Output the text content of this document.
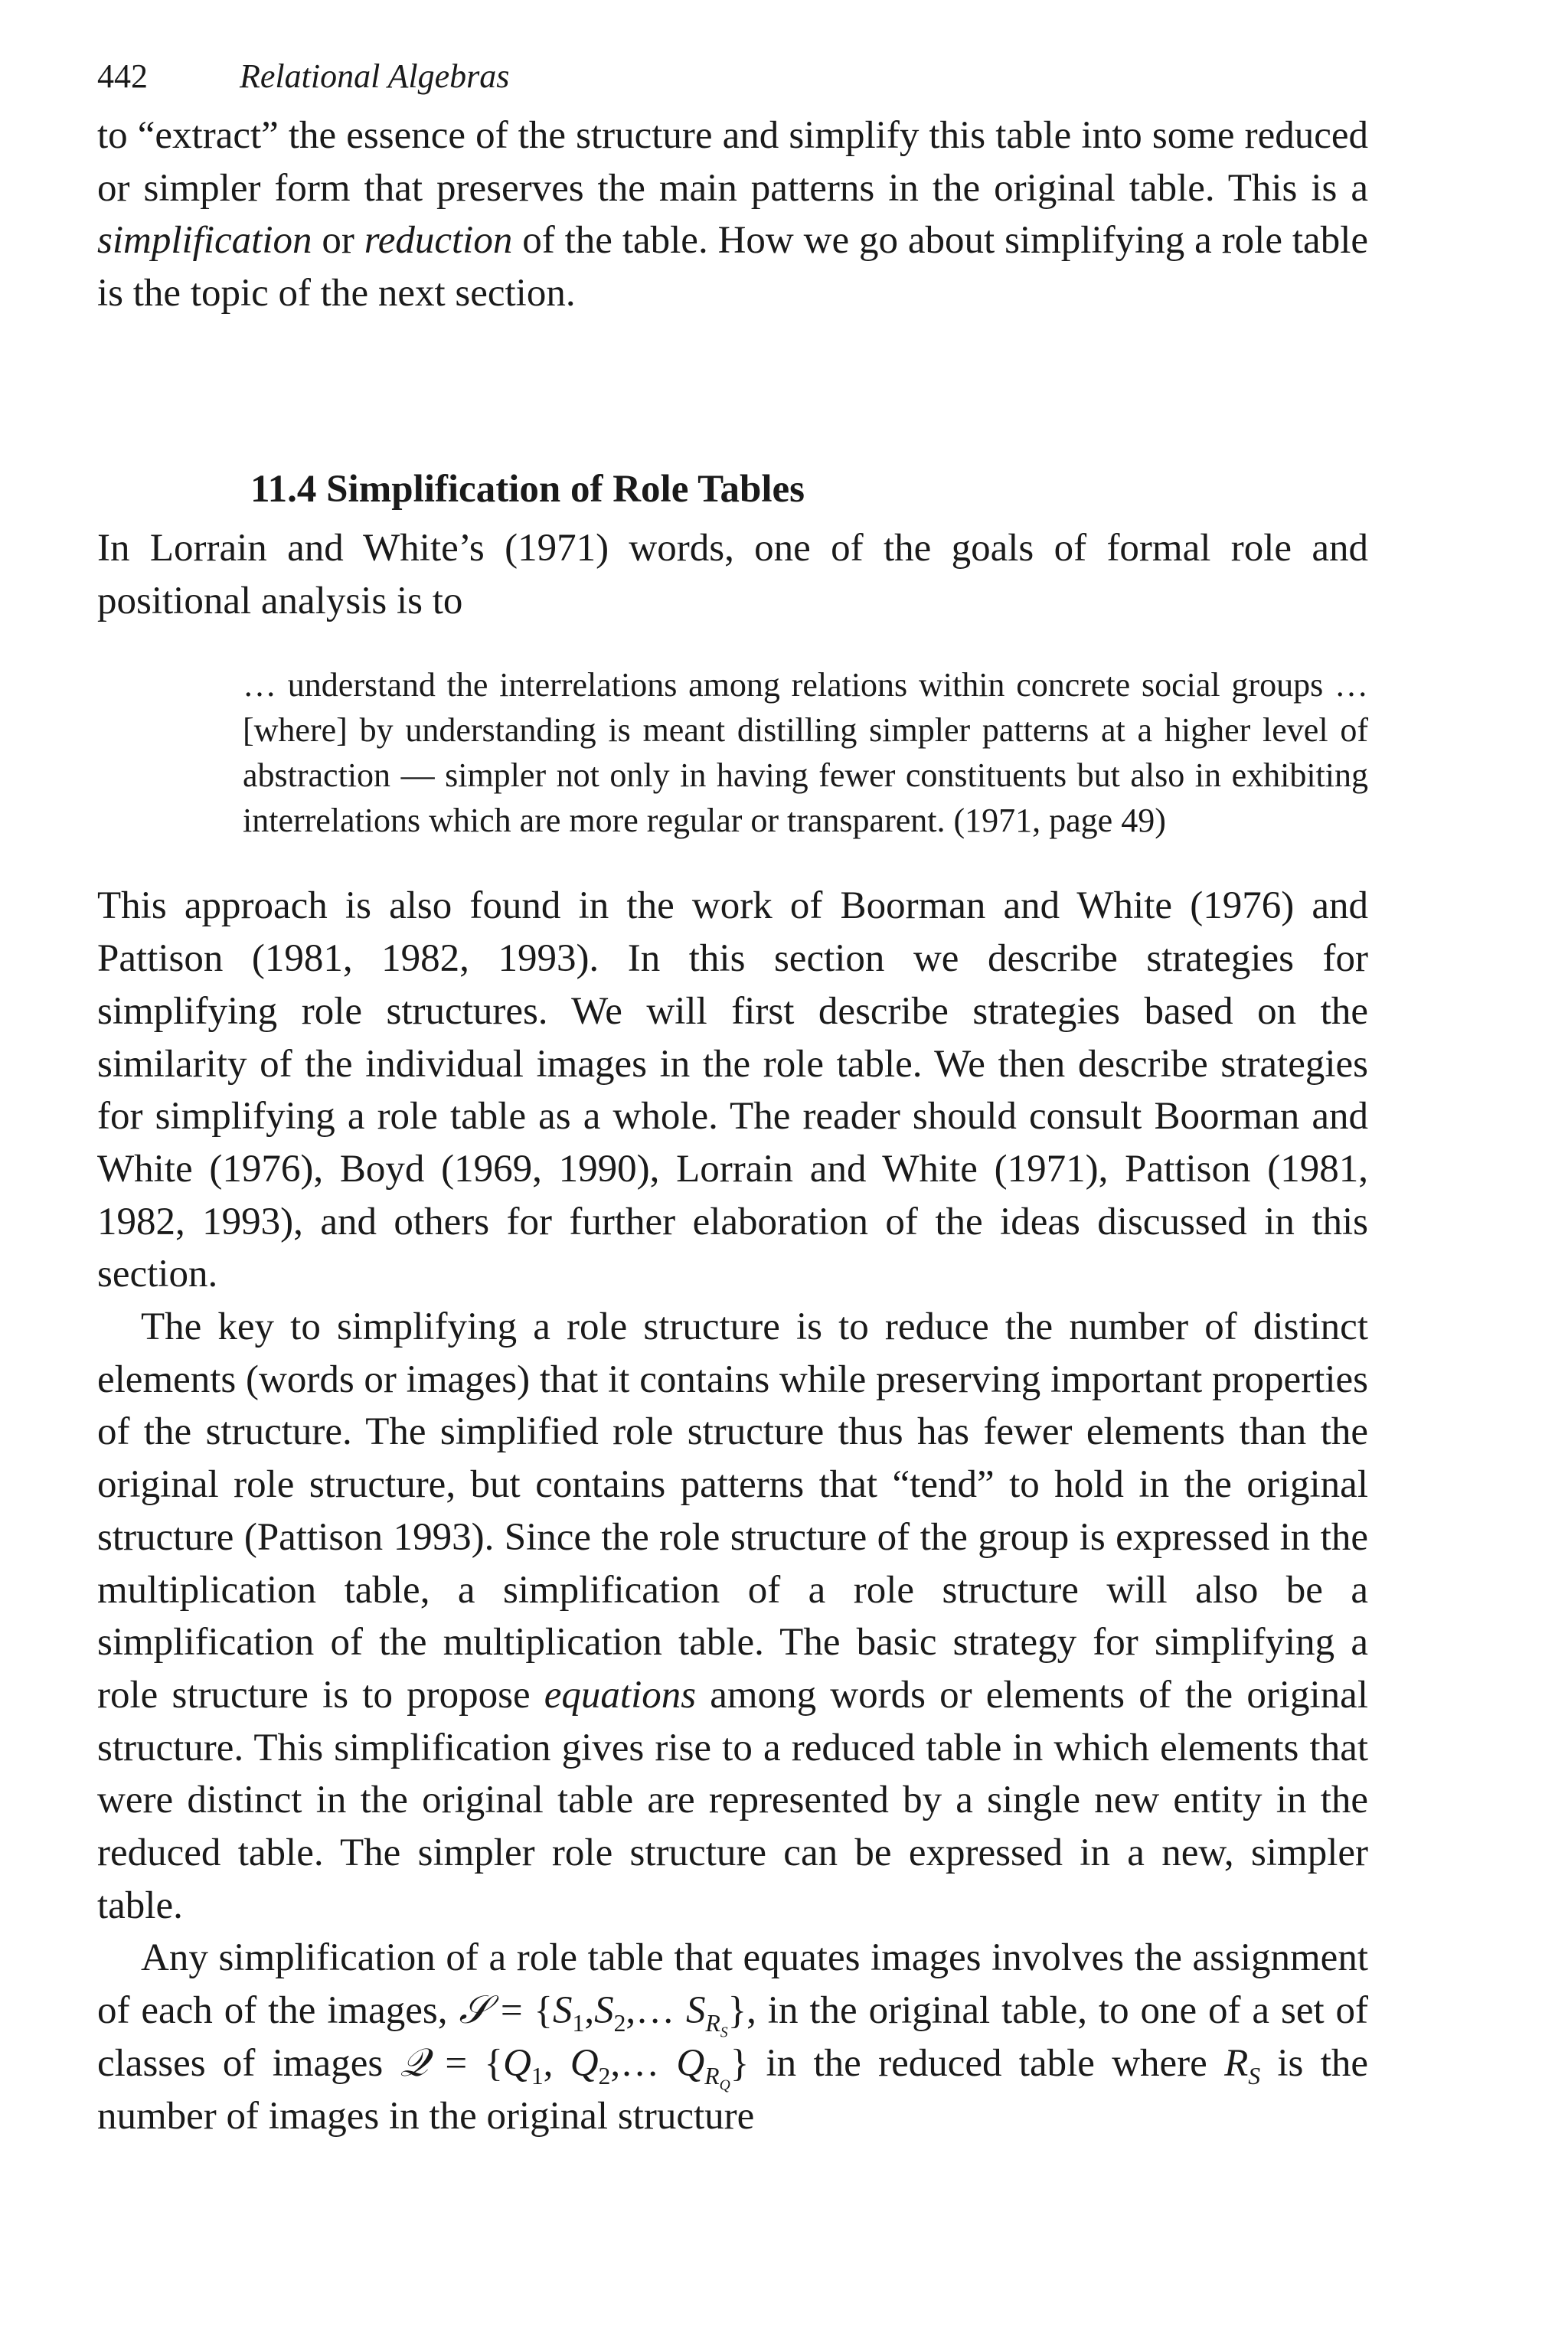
442	Relational Algebras

to “extract” the essence of the structure and simplify this table into some reduced or simpler form that preserves the main patterns in the original table. This is a simplification or reduction of the table. How we go about simplifying a role table is the topic of the next section.

11.4 Simplification of Role Tables

In Lorrain and White’s (1971) words, one of the goals of formal role and positional analysis is to

… understand the interrelations among relations within concrete social groups … [where] by understanding is meant distilling simpler patterns at a higher level of abstraction — simpler not only in having fewer constituents but also in exhibiting interrelations which are more regular or transparent. (1971, page 49)

This approach is also found in the work of Boorman and White (1976) and Pattison (1981, 1982, 1993). In this section we describe strategies for simplifying role structures. We will first describe strategies based on the similarity of the individual images in the role table. We then describe strategies for simplifying a role table as a whole. The reader should consult Boorman and White (1976), Boyd (1969, 1990), Lorrain and White (1971), Pattison (1981, 1982, 1993), and others for further elaboration of the ideas discussed in this section.

The key to simplifying a role structure is to reduce the number of distinct elements (words or images) that it contains while preserving important properties of the structure. The simplified role structure thus has fewer elements than the original role structure, but contains patterns that “tend” to hold in the original structure (Pattison 1993). Since the role structure of the group is expressed in the multiplication table, a simplification of a role structure will also be a simplification of the multiplication table. The basic strategy for simplifying a role structure is to propose equations among words or elements of the original structure. This simplification gives rise to a reduced table in which elements that were distinct in the original table are represented by a single new entity in the reduced table. The simpler role structure can be expressed in a new, simpler table.

Any simplification of a role table that equates images involves the assignment of each of the images, 𝒮 = {$S_1,S_2,\dots$ $S_{R_S}$}, in the original table, to one of a set of classes of images 𝒬 = {$Q_1$, $Q_2,\dots$ $Q_{R_Q}$} in the reduced table where $R_S$ is the number of images in the original structure
